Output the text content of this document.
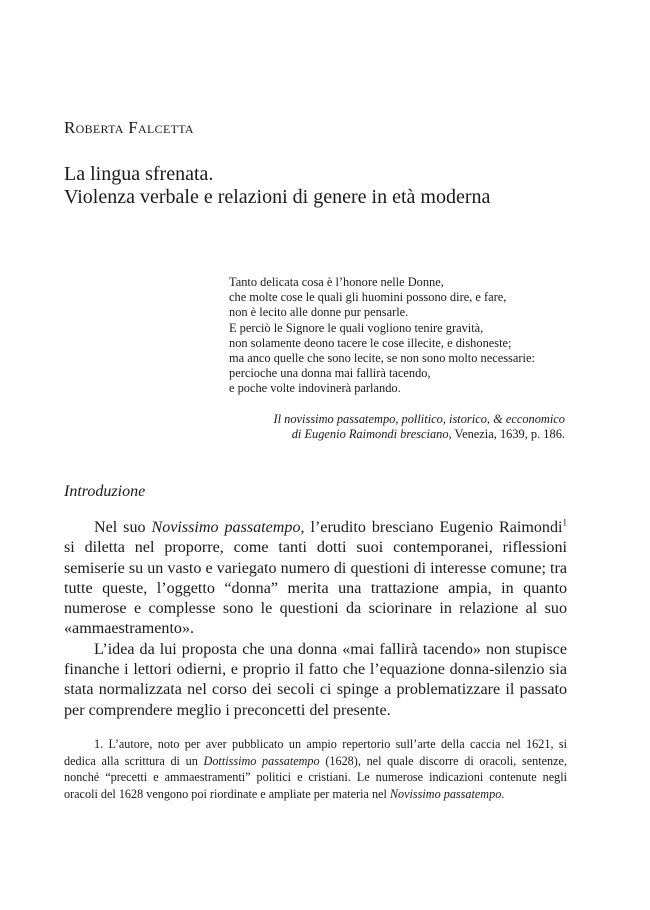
Roberta Falcetta
La lingua sfrenata.
Violenza verbale e relazioni di genere in età moderna
Tanto delicata cosa è l’honore nelle Donne,
che molte cose le quali gli huomini possono dire, e fare,
non è lecito alle donne pur pensarle.
E perciò le Signore le quali vogliono tenire gravità,
non solamente deono tacere le cose illecite, e dishoneste;
ma anco quelle che sono lecite, se non sono molto necessarie:
percioche una donna mai fallirà tacendo,
e poche volte indovinerà parlando.
Il novissimo passatempo, pollitico, istorico, & ecconomico
di Eugenio Raimondi bresciano, Venezia, 1639, p. 186.
Introduzione

Nel suo Novissimo passatempo, l’erudito bresciano Eugenio Raimondi$^1$ si diletta nel proporre, come tanti dotti suoi contemporanei, riflessioni semiserie su un vasto e variegato numero di questioni di interesse comune; tra tutte queste, l’oggetto “donna” merita una trattazione ampia, in quanto numerose e complesse sono le questioni da sciorinare in relazione al suo «ammaestramento».

L’idea da lui proposta che una donna «mai fallirà tacendo» non stupisce finanche i lettori odierni, e proprio il fatto che l’equazione donna-silenzio sia stata normalizzata nel corso dei secoli ci spinge a problematizzare il passato per comprendere meglio i preconcetti del presente.

1. L’autore, noto per aver pubblicato un ampio repertorio sull’arte della caccia nel 1621, si dedica alla scrittura di un Dottissimo passatempo (1628), nel quale discorre di oracoli, sentenze, nonché “precetti e ammaestramenti” politici e cristiani. Le numerose indicazioni contenute negli oracoli del 1628 vengono poi riordinate e ampliate per materia nel Novissimo passatempo.
